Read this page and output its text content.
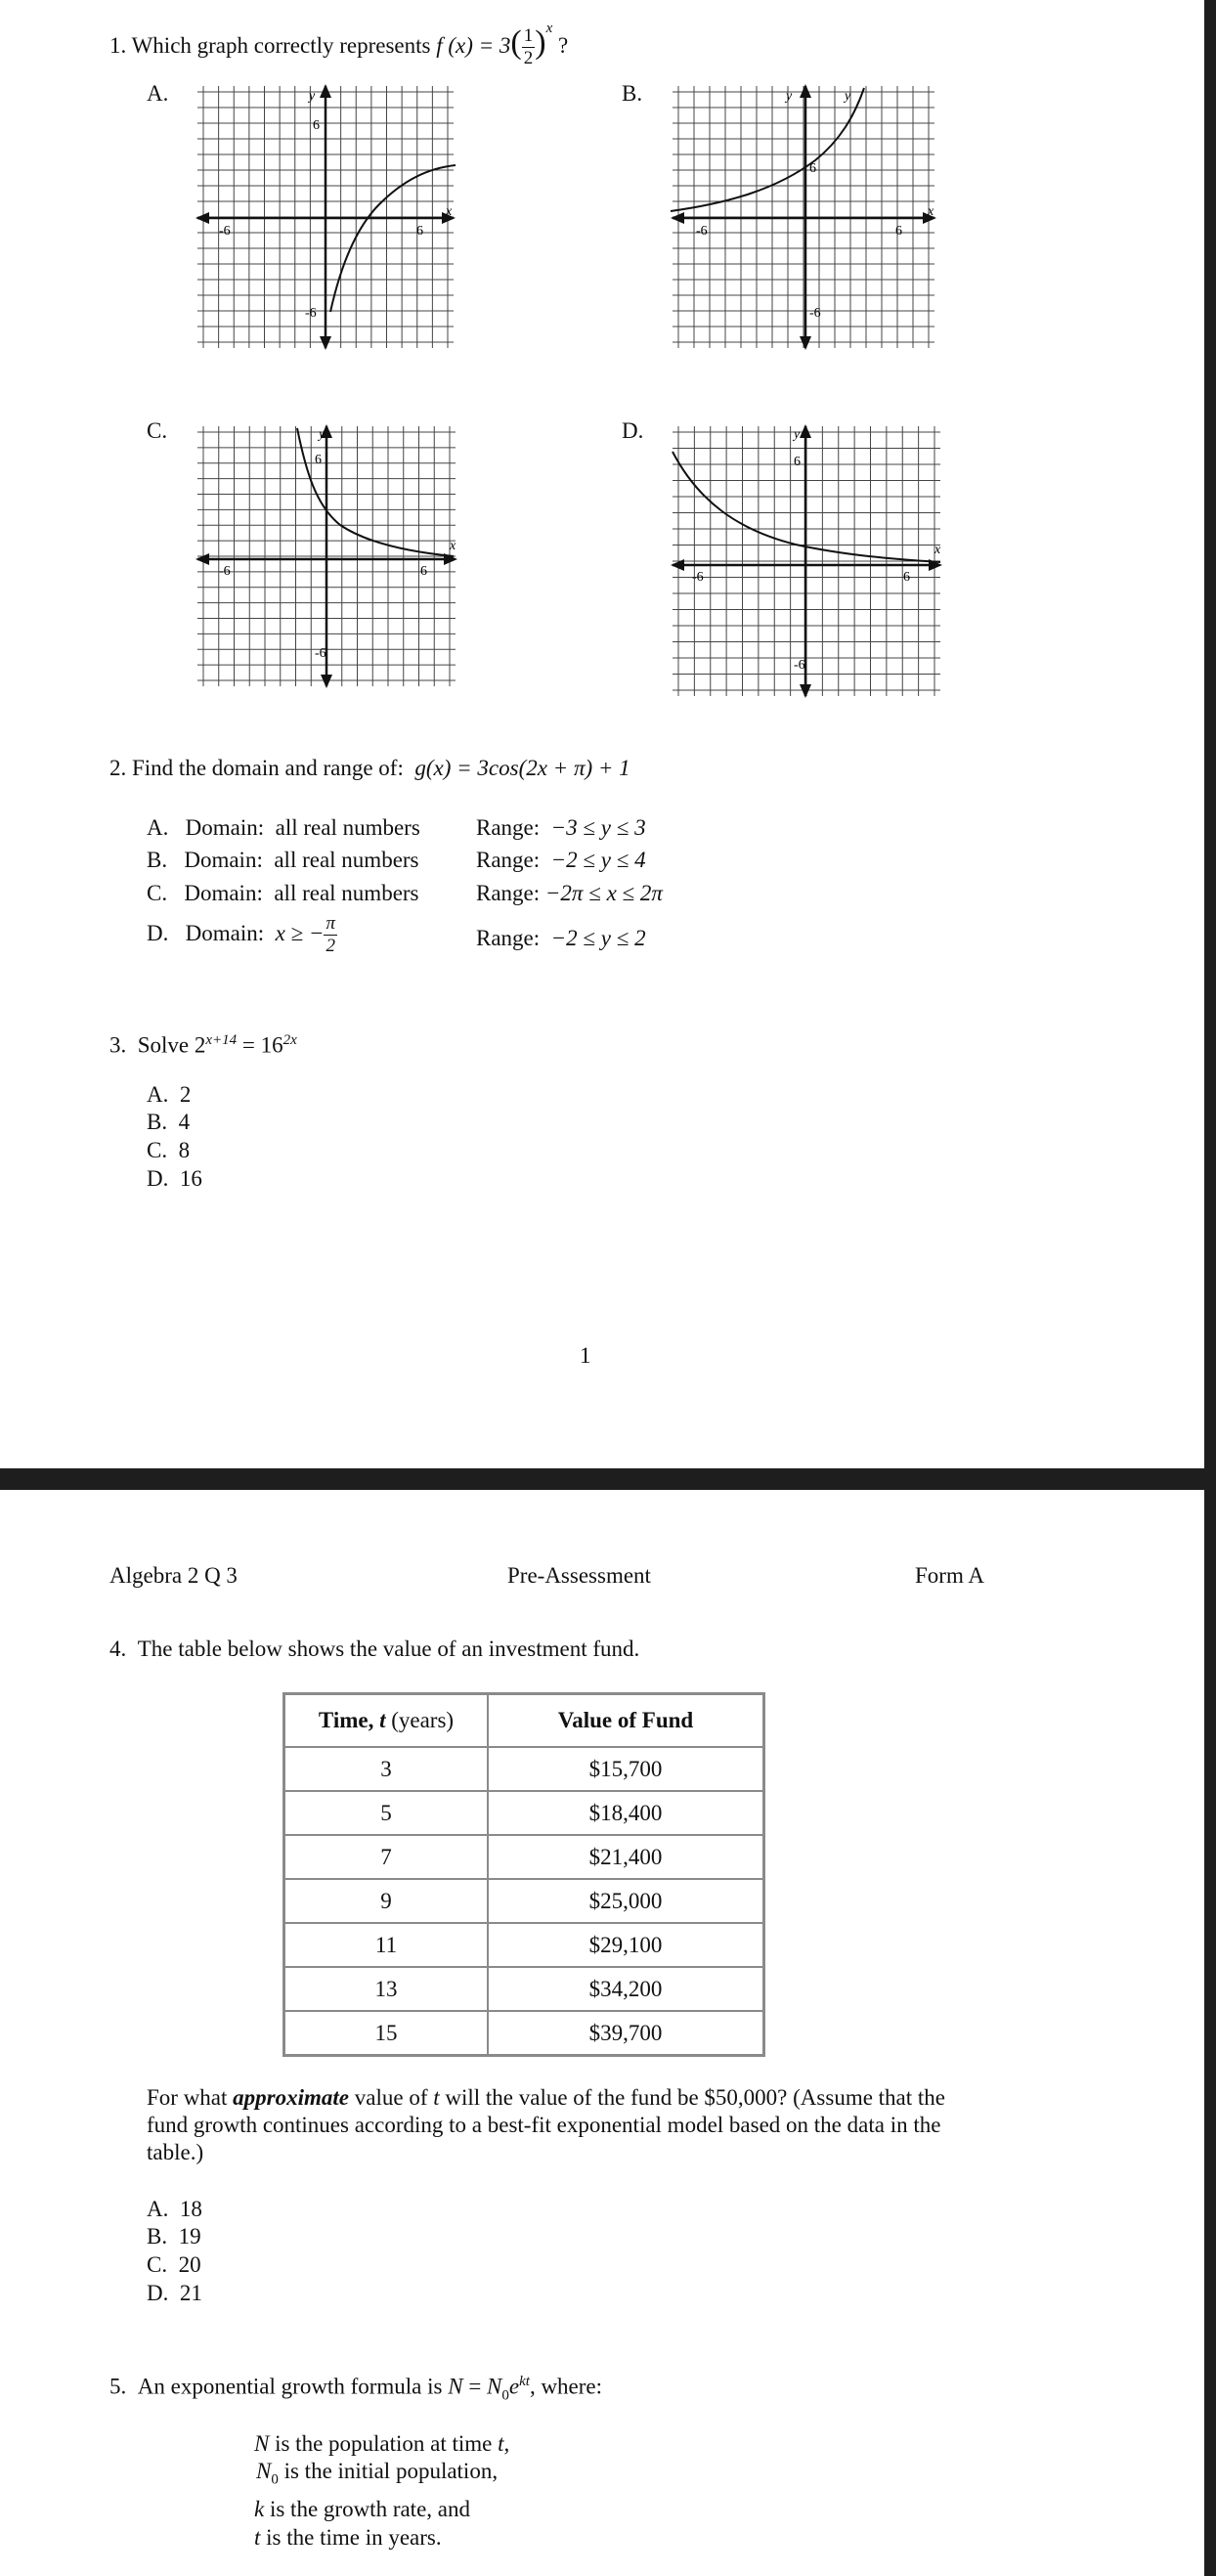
1. Which graph correctly represents f $(x) = 3( \frac{1}{2} )^x$ ?
A.	B.
C.	D.
y
x
6
-6	6
-6
y	y
x
6
-6	6
-6
y
x
6
-6	6
-6
y
x
6
-6	6
-6
2. Find the domain and range of: g(x) = 3cos(2x + π) + 1
A. Domain: all real numbers Range: −3 ≤ y ≤ 3
B. Domain: all real numbers	Range: −2 ≤ y ≤ 4
C. Domain: all real numbers	Range: −2π ≤ x ≤ 2π
D. Domain: x ≥ − $\frac{\pi}{2}$	Range: −2 ≤ y ≤ 2
3. Solve $2^{x+14} = 16^{2x}$
A. 2
B. 4
C. 8
D. 16
1
Algebra 2 Q 3	Pre-Assessment	Form A
4. The table below shows the value of an investment fund.
Time, t (years)	Value of Fund
3	$15,700
5	$18,400
7	$21,400
9	$25,000
11	$29,100
13	$34,200
15	$39,700
For what approximate value of t will the value of the fund be $50,000? (Assume that the
fund growth continues according to a best-fit exponential model based on the data in the
table.)
A. 18
B. 19
C. 20
D. 21
5. An exponential growth formula is $N = N_0e^{kt}$, where:
N is the population at time t,
$N_0$ is the initial population,
k is the growth rate, and
t is the time in years.
